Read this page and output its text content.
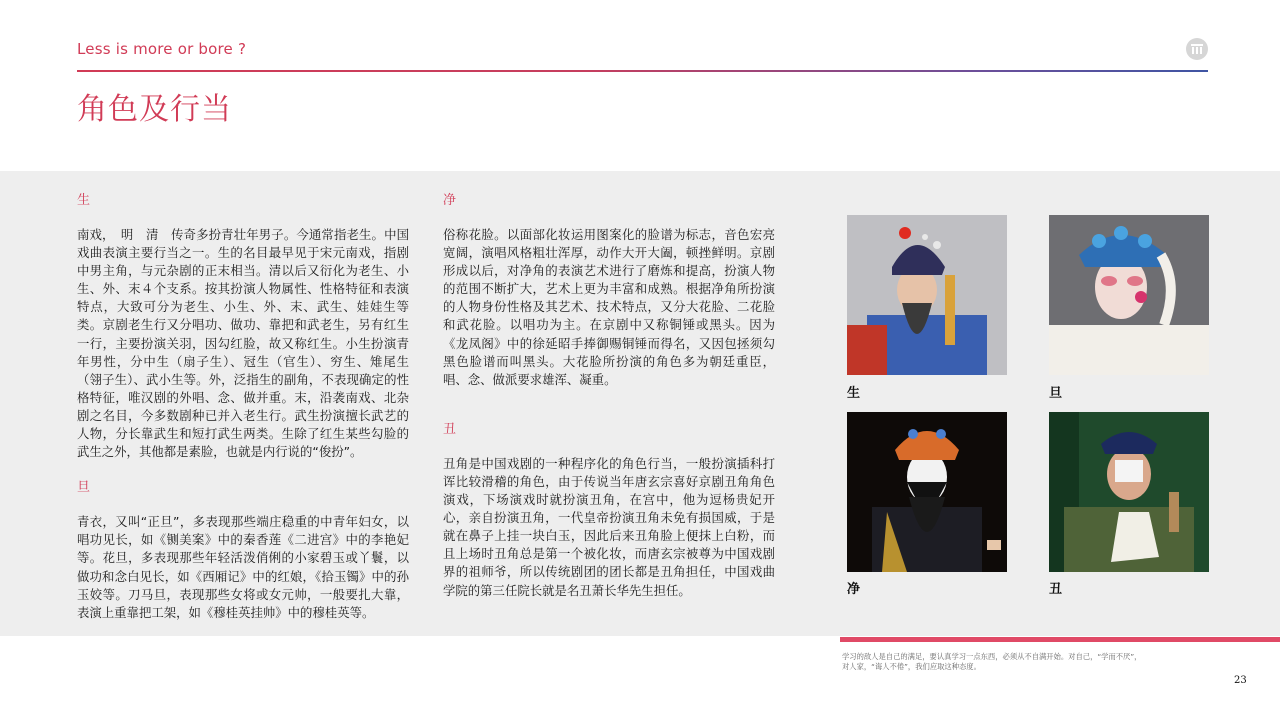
Less is more or bore ?
角色及行当

生

南戏，　明　清　传奇多扮青壮年男子。今通常指老生。中国戏曲表演主要行当之一。生的名目最早见于宋元南戏，指剧中男主角，与元杂剧的正末相当。清以后又衍化为老生、小生、外、末４个支系。按其扮演人物属性、性格特征和表演特点，大致可分为老生、小生、外、末、武生、娃娃生等类。京剧老生行又分唱功、做功、靠把和武老生，另有红生一行，主要扮演关羽，因勾红脸，故又称红生。小生扮演青年男性，分中生（扇子生）、冠生（官生）、穷生、雉尾生（翎子生）、武小生等。外，泛指生的副角，不表现确定的性格特征，唯汉剧的外唱、念、做并重。末，沿袭南戏、北杂剧之名目，今多数剧种已并入老生行。武生扮演擅长武艺的人物，分长靠武生和短打武生两类。生除了红生某些勾脸的武生之外，其他都是素脸，也就是内行说的“俊扮”。

旦

青衣，又叫“正旦”，多表现那些端庄稳重的中青年妇女，以唱功见长，如《铡美案》中的秦香莲《二进宫》中的李艳妃等。花旦，多表现那些年轻活泼俏俐的小家碧玉或丫鬟，以做功和念白见长，如《西厢记》中的红娘，《拾玉镯》中的孙玉姣等。刀马旦，表现那些女将或女元帅，一般要扎大靠，表演上重靠把工架，如《穆桂英挂帅》中的穆桂英等。

净

俗称花脸。以面部化妆运用图案化的脸谱为标志，音色宏亮宽阔，演唱风格粗壮浑厚，动作大开大阖，顿挫鲜明。京剧形成以后，对净角的表演艺术进行了磨炼和提高，扮演人物的范围不断扩大，艺术上更为丰富和成熟。根据净角所扮演的人物身份性格及其艺术、技术特点，又分大花脸、二花脸和武花脸。以唱功为主。在京剧中又称铜锤或黑头。因为《龙凤阁》中的徐延昭手捧御赐铜锤而得名，又因包拯须勾黑色脸谱而叫黑头。大花脸所扮演的角色多为朝廷重臣，唱、念、做派要求雄浑、凝重。

丑

丑角是中国戏剧的一种程序化的角色行当，一般扮演插科打诨比较滑稽的角色，由于传说当年唐玄宗喜好京剧丑角角色演戏，下场演戏时就扮演丑角，在宫中，他为逗杨贵妃开心，亲自扮演丑角，一代皇帝扮演丑角未免有损国威，于是就在鼻子上挂一块白玉，因此后来丑角脸上便抹上白粉，而且上场时丑角总是第一个被化妆，而唐玄宗被尊为中国戏剧界的祖师爷，所以传统剧团的团长都是丑角担任，中国戏曲学院的第三任院长就是名丑萧长华先生担任。

生	旦
净	丑
学习的敌人是自己的满足，要认真学习一点东西，必须从不自满开始。对自己，“学而不厌”，对人家，“诲人不倦”，我们应取这种态度。
23
